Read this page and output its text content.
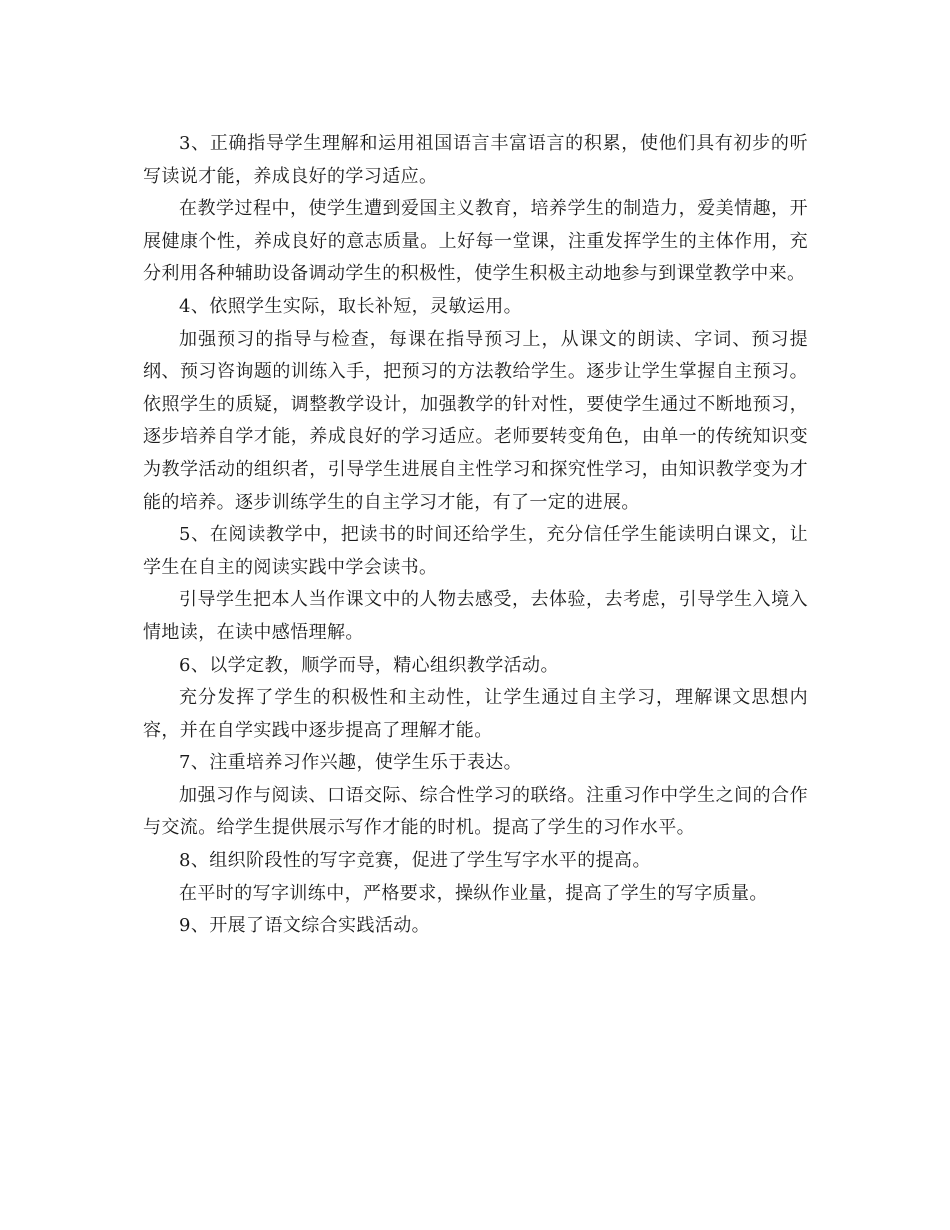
3、正确指导学生理解和运用祖国语言丰富语言的积累，使他们具有初步的听写读说才能，养成良好的学习适应。

在教学过程中，使学生遭到爱国主义教育，培养学生的制造力，爱美情趣，开展健康个性，养成良好的意志质量。上好每一堂课，注重发挥学生的主体作用，充分利用各种辅助设备调动学生的积极性，使学生积极主动地参与到课堂教学中来。

4、依照学生实际，取长补短，灵敏运用。

加强预习的指导与检查，每课在指导预习上，从课文的朗读、字词、预习提纲、预习咨询题的训练入手，把预习的方法教给学生。逐步让学生掌握自主预习。依照学生的质疑，调整教学设计，加强教学的针对性，要使学生通过不断地预习，逐步培养自学才能，养成良好的学习适应。老师要转变角色，由单一的传统知识变为教学活动的组织者，引导学生进展自主性学习和探究性学习，由知识教学变为才能的培养。逐步训练学生的自主学习才能，有了一定的进展。

5、在阅读教学中，把读书的时间还给学生，充分信任学生能读明白课文，让学生在自主的阅读实践中学会读书。

引导学生把本人当作课文中的人物去感受，去体验，去考虑，引导学生入境入情地读，在读中感悟理解。

6、以学定教，顺学而导，精心组织教学活动。

充分发挥了学生的积极性和主动性，让学生通过自主学习，理解课文思想内容，并在自学实践中逐步提高了理解才能。

7、注重培养习作兴趣，使学生乐于表达。

加强习作与阅读、口语交际、综合性学习的联络。注重习作中学生之间的合作与交流。给学生提供展示写作才能的时机。提高了学生的习作水平。

8、组织阶段性的写字竞赛，促进了学生写字水平的提高。

在平时的写字训练中，严格要求，操纵作业量，提高了学生的写字质量。

9、开展了语文综合实践活动。
